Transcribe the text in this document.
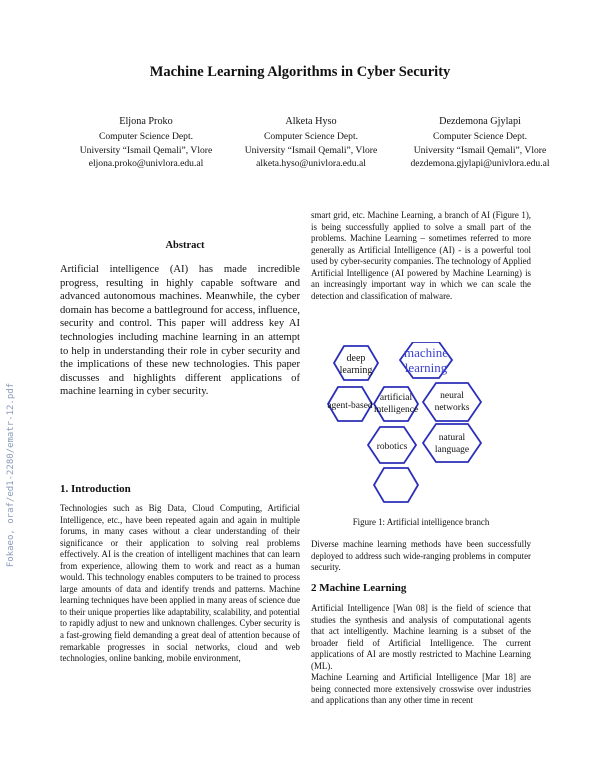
Fokaeo, oraf/ed1-2280/ematr-12.pdf
Machine Learning Algorithms in Cyber Security
Eljona Proko
Computer Science Dept.
University “Ismail Qemali”, Vlore
eljona.proko@univlora.edu.al
Alketa Hyso
Computer Science Dept.
University “Ismail Qemali”, Vlore
alketa.hyso@univlora.edu.al
Dezdemona Gjylapi
Computer Science Dept.
University “Ismail Qemali”, Vlore
dezdemona.gjylapi@univlora.edu.al
Abstract
Artificial intelligence (AI) has made incredible progress, resulting in highly capable software and advanced autonomous machines. Meanwhile, the cyber domain has become a battleground for access, influence, security and control. This paper will address key AI technologies including machine learning in an attempt to help in understanding their role in cyber security and the implications of these new technologies. This paper discusses and highlights different applications of machine learning in cyber security.
1. Introduction

Technologies such as Big Data, Cloud Computing, Artificial Intelligence, etc., have been repeated again and again in multiple forums, in many cases without a clear understanding of their significance or their application to solving real problems effectively. AI is the creation of intelligent machines that can learn from experience, allowing them to work and react as a human would. This technology enables computers to be trained to process large amounts of data and identify trends and patterns. Machine learning techniques have been applied in many areas of science due to their unique properties like adaptability, scalability, and potential to rapidly adjust to new and unknown challenges. Cyber security is a fast-growing field demanding a great deal of attention because of remarkable progresses in social networks, cloud and web technologies, online banking, mobile environment,

smart grid, etc. Machine Learning, a branch of AI (Figure 1), is being successfully applied to solve a small part of the problems. Machine Learning – sometimes referred to more generally as Artificial Intelligence (AI) - is a powerful tool used by cyber-security companies. The technology of Applied Artificial Intelligence (AI powered by Machine Learning) is an increasingly important way in which we can scale the detection and classification of malware.

deep
learning
machine
learning
agent-based
artificial
intelligence
neural
networks
robotics
natural
language
Figure 1: Artificial intelligence branch

Diverse machine learning methods have been successfully deployed to address such wide-ranging problems in computer security.

2 Machine Learning

Artificial Intelligence [Wan 08] is the field of science that studies the synthesis and analysis of computational agents that act intelligently. Machine learning is a subset of the broader field of Artificial Intelligence. The current applications of AI are mostly restricted to Machine Learning (ML).

Machine Learning and Artificial Intelligence [Mar 18] are being connected more extensively crosswise over industries and applications than any other time in recent
